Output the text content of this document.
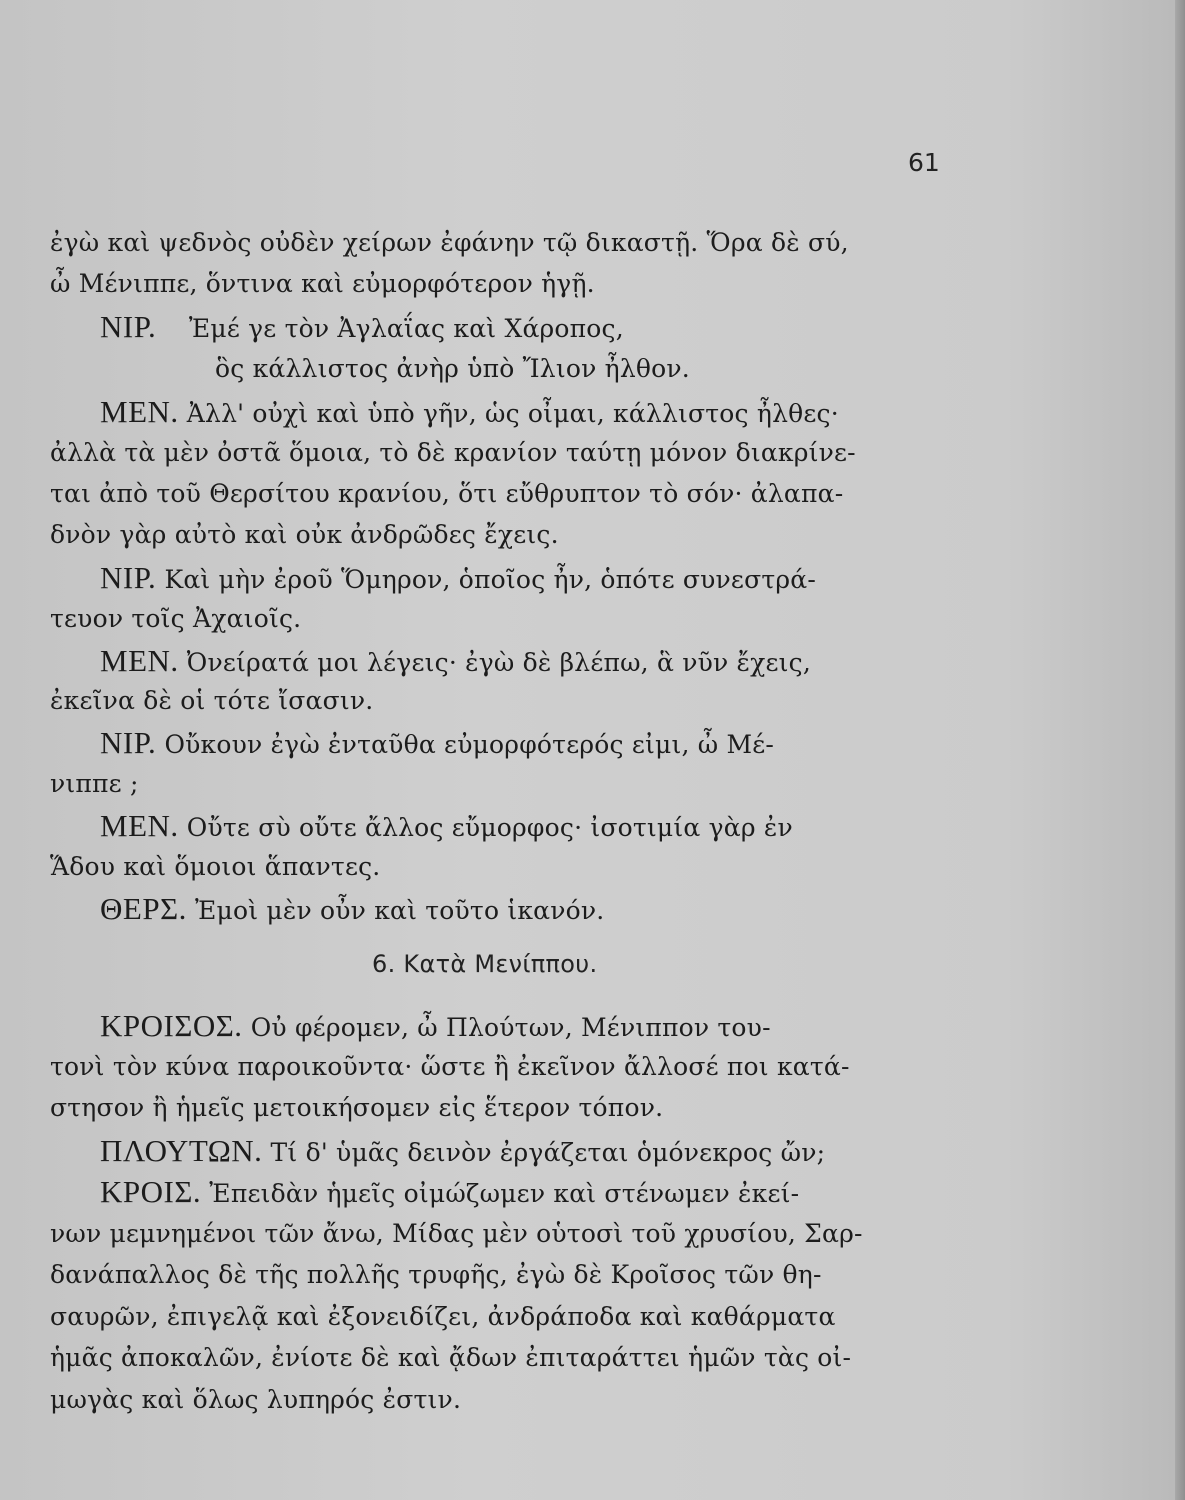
61
ἐγὼ καὶ ψεδνὸς οὐδὲν χείρων ἐφάνην τῷ δικαστῇ. Ὅρα δὲ σύ,
ὦ Μένιππε, ὅντινα καὶ εὐμορφότερον ἡγῇ.
ΝΙΡ. Ἐμέ γε τὸν Ἀγλαΐας καὶ Χάροπος,
ὃς κάλλιστος ἀνὴρ ὑπὸ Ἴλιον ἦλθον.
ΜΕΝ. Ἀλλ' οὐχὶ καὶ ὑπὸ γῆν, ὡς οἶμαι, κάλλιστος ἦλθες·
ἀλλὰ τὰ μὲν ὀστᾶ ὅμοια, τὸ δὲ κρανίον ταύτῃ μόνον διακρίνε-
ται ἀπὸ τοῦ Θερσίτου κρανίου, ὅτι εὔθρυπτον τὸ σόν· ἀλαπα-
δνὸν γὰρ αὐτὸ καὶ οὐκ ἀνδρῶδες ἔχεις.
ΝΙΡ. Καὶ μὴν ἐροῦ Ὅμηρον, ὁποῖος ἦν, ὁπότε συνεστρά-
τευον τοῖς Ἀχαιοῖς.
ΜΕΝ. Ὀνείρατά μοι λέγεις· ἐγὼ δὲ βλέπω, ἃ νῦν ἔχεις,
ἐκεῖνα δὲ οἱ τότε ἴσασιν.
ΝΙΡ. Οὔκουν ἐγὼ ἐνταῦθα εὐμορφότερός εἰμι, ὦ Μέ-
νιππε ;
ΜΕΝ. Οὔτε σὺ οὔτε ἄλλος εὔμορφος· ἰσοτιμία γὰρ ἐν
Ἅδου καὶ ὅμοιοι ἅπαντες.
ΘΕΡΣ. Ἐμοὶ μὲν οὖν καὶ τοῦτο ἱκανόν.
6. Κατὰ Μενίππου.
ΚΡΟΙΣΟΣ. Οὐ φέρομεν, ὦ Πλούτων, Μένιππον του-
τονὶ τὸν κύνα παροικοῦντα· ὥστε ἢ ἐκεῖνον ἄλλοσέ ποι κατά-
στησον ἢ ἡμεῖς μετοικήσομεν εἰς ἕτερον τόπον.
ΠΛΟΥΤΩΝ. Τί δ' ὑμᾶς δεινὸν ἐργάζεται ὁμόνεκρος ὤν;
ΚΡΟΙΣ. Ἐπειδὰν ἡμεῖς οἰμώζωμεν καὶ στένωμεν ἐκεί-
νων μεμνημένοι τῶν ἄνω, Μίδας μὲν οὑτοσὶ τοῦ χρυσίου, Σαρ-
δανάπαλλος δὲ τῆς πολλῆς τρυφῆς, ἐγὼ δὲ Κροῖσος τῶν θη-
σαυρῶν, ἐπιγελᾷ καὶ ἐξονειδίζει, ἀνδράποδα καὶ καθάρματα
ἡμᾶς ἀποκαλῶν, ἐνίοτε δὲ καὶ ᾄδων ἐπιταράττει ἡμῶν τὰς οἰ-
μωγὰς καὶ ὅλως λυπηρός ἐστιν.
